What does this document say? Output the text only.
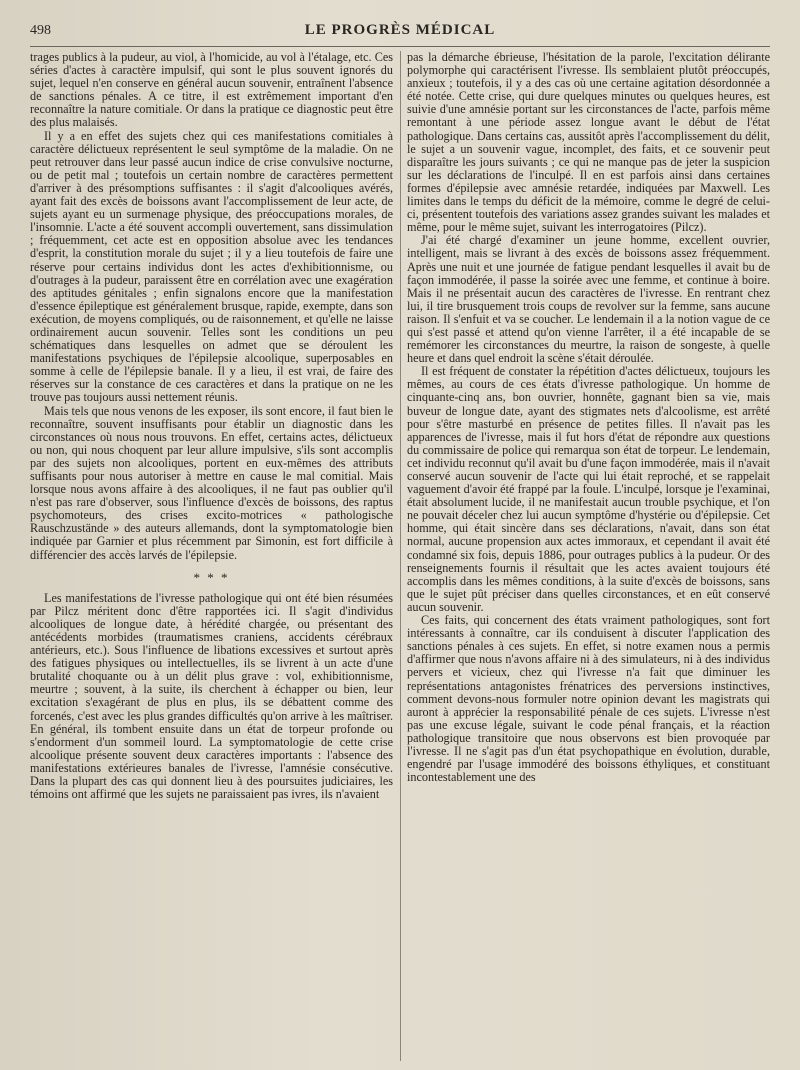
498	LE PROGRÈS MÉDICAL

trages publics à la pudeur, au viol, à l'homicide, au vol à l'étalage, etc. Ces séries d'actes à caractère impulsif, qui sont le plus souvent ignorés du sujet, lequel n'en conserve en général aucun souvenir, entraînent l'absence de sanctions pénales. A ce titre, il est extrêmement important d'en reconnaître la nature comitiale. Or dans la pratique ce diagnostic peut être des plus malaisés.

Il y a en effet des sujets chez qui ces manifestations comitiales à caractère délictueux représentent le seul symptôme de la maladie. On ne peut retrouver dans leur passé aucun indice de crise convulsive nocturne, ou de petit mal ; toutefois un certain nombre de caractères permettent d'arriver à des présomptions suffisantes : il s'agit d'alcooliques avérés, ayant fait des excès de boissons avant l'accomplissement de leur acte, de sujets ayant eu un surmenage physique, des préoccupations morales, de l'insomnie. L'acte a été souvent accompli ouvertement, sans dissimulation ; fréquemment, cet acte est en opposition absolue avec les tendances d'esprit, la constitution morale du sujet ; il y a lieu toutefois de faire une réserve pour certains individus dont les actes d'exhibitionnisme, ou d'outrages à la pudeur, paraissent être en corrélation avec une exagération des aptitudes génitales ; enfin signalons encore que la manifestation d'essence épileptique est généralement brusque, rapide, exempte, dans son exécution, de moyens compliqués, ou de raisonnement, et qu'elle ne laisse ordinairement aucun souvenir. Telles sont les conditions un peu schématiques dans lesquelles on admet que se déroulent les manifestations psychiques de l'épilepsie alcoolique, superposables en somme à celle de l'épilepsie banale. Il y a lieu, il est vrai, de faire des réserves sur la constance de ces caractères et dans la pratique on ne les trouve pas toujours aussi nettement réunis.

Mais tels que nous venons de les exposer, ils sont encore, il faut bien le reconnaître, souvent insuffisants pour établir un diagnostic dans les circonstances où nous nous trouvons. En effet, certains actes, délictueux ou non, qui nous choquent par leur allure impulsive, s'ils sont accomplis par des sujets non alcooliques, portent en eux-mêmes des attributs suffisants pour nous autoriser à mettre en cause le mal comitial. Mais lorsque nous avons affaire à des alcooliques, il ne faut pas oublier qu'il n'est pas rare d'observer, sous l'influence d'excès de boissons, des raptus psychomoteurs, des crises excito-motrices « pathologische Rauschzustände » des auteurs allemands, dont la symptomatologie bien indiquée par Garnier et plus récemment par Simonin, est fort difficile à différencier des accès larvés de l'épilepsie.

* * *

Les manifestations de l'ivresse pathologique qui ont été bien résumées par Pilcz méritent donc d'être rapportées ici. Il s'agit d'individus alcooliques de longue date, à hérédité chargée, ou présentant des antécédents morbides (traumatismes craniens, accidents cérébraux antérieurs, etc.). Sous l'influence de libations excessives et surtout après des fatigues physiques ou intellectuelles, ils se livrent à un acte d'une brutalité choquante ou à un délit plus grave : vol, exhibitionnisme, meurtre ; souvent, à la suite, ils cherchent à échapper ou bien, leur excitation s'exagérant de plus en plus, ils se débattent comme des forcenés, c'est avec les plus grandes difficultés qu'on arrive à les maîtriser. En général, ils tombent ensuite dans un état de torpeur profonde ou s'endorment d'un sommeil lourd. La symptomatologie de cette crise alcoolique présente souvent deux caractères importants : l'absence des manifestations extérieures banales de l'ivresse, l'amnésie consécutive. Dans la plupart des cas qui donnent lieu à des poursuites judiciaires, les témoins ont affirmé que les sujets ne paraissaient pas ivres, ils n'avaient

pas la démarche ébrieuse, l'hésitation de la parole, l'excitation délirante polymorphe qui caractérisent l'ivresse. Ils semblaient plutôt préoccupés, anxieux ; toutefois, il y a des cas où une certaine agitation désordonnée a été notée. Cette crise, qui dure quelques minutes ou quelques heures, est suivie d'une amnésie portant sur les circonstances de l'acte, parfois même remontant à une période assez longue avant le début de l'état pathologique. Dans certains cas, aussitôt après l'accomplissement du délit, le sujet a un souvenir vague, incomplet, des faits, et ce souvenir peut disparaître les jours suivants ; ce qui ne manque pas de jeter la suspicion sur les déclarations de l'inculpé. Il en est parfois ainsi dans certaines formes d'épilepsie avec amnésie retardée, indiquées par Maxwell. Les limites dans le temps du déficit de la mémoire, comme le degré de celui-ci, présentent toutefois des variations assez grandes suivant les malades et même, pour le même sujet, suivant les interrogatoires (Pilcz).

J'ai été chargé d'examiner un jeune homme, excellent ouvrier, intelligent, mais se livrant à des excès de boissons assez fréquemment. Après une nuit et une journée de fatigue pendant lesquelles il avait bu de façon immodérée, il passe la soirée avec une femme, et continue à boire. Mais il ne présentait aucun des caractères de l'ivresse. En rentrant chez lui, il tire brusquement trois coups de revolver sur la femme, sans aucune raison. Il s'enfuit et va se coucher. Le lendemain il a la notion vague de ce qui s'est passé et attend qu'on vienne l'arrêter, il a été incapable de se remémorer les circonstances du meurtre, la raison de songeste, à quelle heure et dans quel endroit la scène s'était déroulée.

Il est fréquent de constater la répétition d'actes délictueux, toujours les mêmes, au cours de ces états d'ivresse pathologique. Un homme de cinquante-cinq ans, bon ouvrier, honnête, gagnant bien sa vie, mais buveur de longue date, ayant des stigmates nets d'alcoolisme, est arrêté pour s'être masturbé en présence de petites filles. Il n'avait pas les apparences de l'ivresse, mais il fut hors d'état de répondre aux questions du commissaire de police qui remarqua son état de torpeur. Le lendemain, cet individu reconnut qu'il avait bu d'une façon immodérée, mais il n'avait conservé aucun souvenir de l'acte qui lui était reproché, et se rappelait vaguement d'avoir été frappé par la foule. L'inculpé, lorsque je l'examinai, était absolument lucide, il ne manifestait aucun trouble psychique, et l'on ne pouvait déceler chez lui aucun symptôme d'hystérie ou d'épilepsie. Cet homme, qui était sincère dans ses déclarations, n'avait, dans son état normal, aucune propension aux actes immoraux, et cependant il avait été condamné six fois, depuis 1886, pour outrages publics à la pudeur. Or des renseignements fournis il résultait que les actes avaient toujours été accomplis dans les mêmes conditions, à la suite d'excès de boissons, sans que le sujet pût préciser dans quelles circonstances, et en eût conservé aucun souvenir.

Ces faits, qui concernent des états vraiment pathologiques, sont fort intéressants à connaître, car ils conduisent à discuter l'application des sanctions pénales à ces sujets. En effet, si notre examen nous a permis d'affirmer que nous n'avons affaire ni à des simulateurs, ni à des individus pervers et vicieux, chez qui l'ivresse n'a fait que diminuer les représentations antagonistes frénatrices des perversions instinctives, comment devons-nous formuler notre opinion devant les magistrats qui auront à apprécier la responsabilité pénale de ces sujets. L'ivresse n'est pas une excuse légale, suivant le code pénal français, et la réaction pathologique transitoire que nous observons est bien provoquée par l'ivresse. Il ne s'agit pas d'un état psychopathique en évolution, durable, engendré par l'usage immodéré des boissons éthyliques, et constituant incontestablement une des
